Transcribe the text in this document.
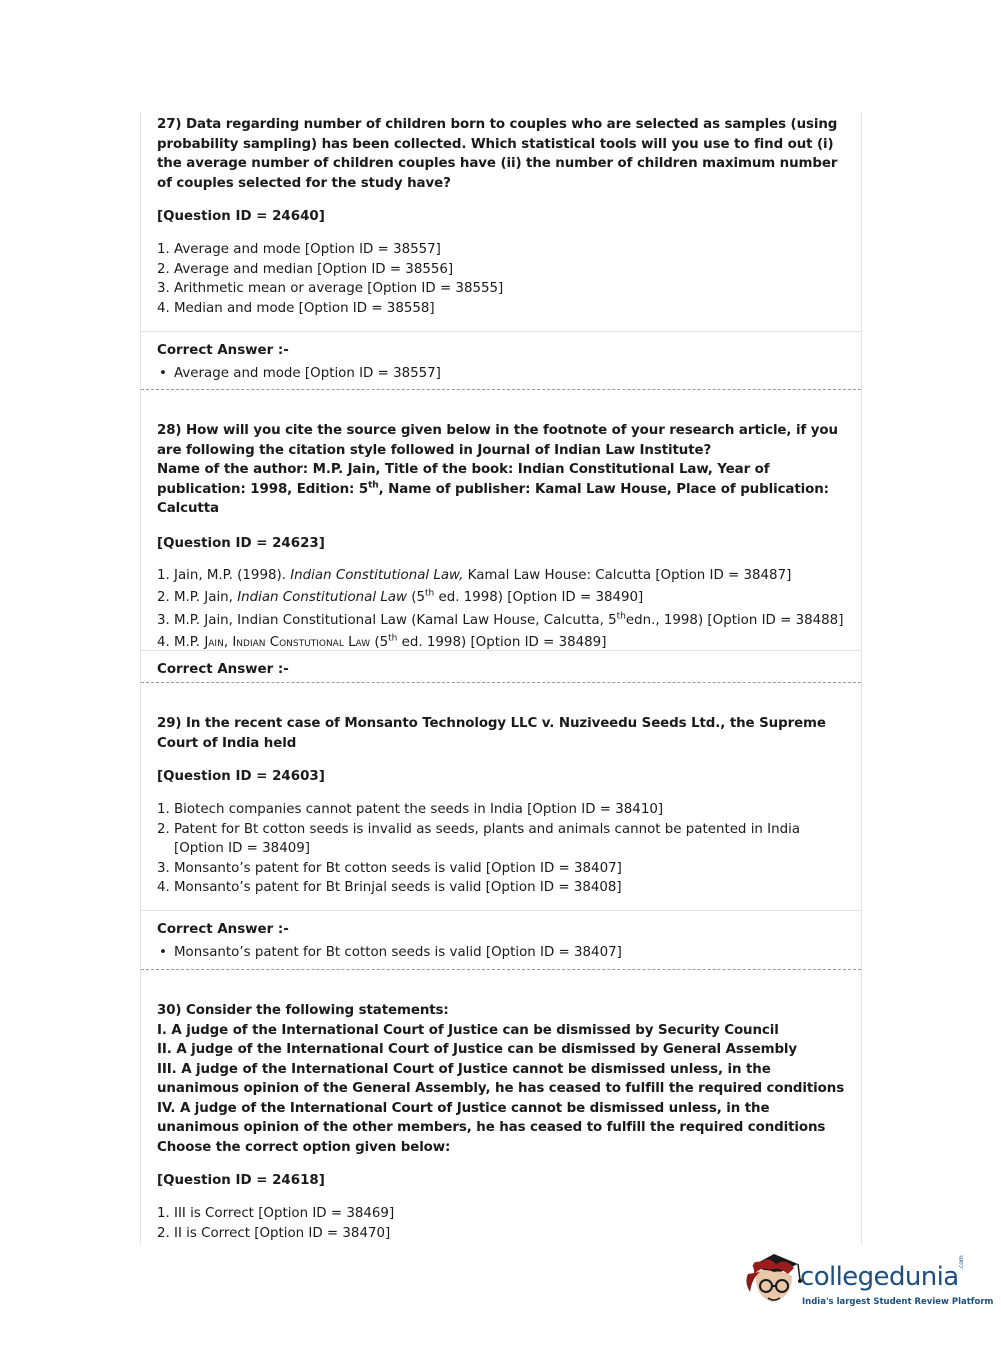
27) Data regarding number of children born to couples who are selected as samples (using probability sampling) has been collected. Which statistical tools will you use to find out (i) the average number of children couples have (ii) the number of children maximum number of couples selected for the study have?
[Question ID = 24640]
1. Average and mode [Option ID = 38557]
2. Average and median [Option ID = 38556]
3. Arithmetic mean or average [Option ID = 38555]
4. Median and mode [Option ID = 38558]
Correct Answer :-
• Average and mode [Option ID = 38557]
28) How will you cite the source given below in the footnote of your research article, if you are following the citation style followed in Journal of Indian Law Institute?
Name of the author: M.P. Jain, Title of the book: Indian Constitutional Law, Year of publication: 1998, Edition: 5th, Name of publisher: Kamal Law House, Place of publication: Calcutta
[Question ID = 24623]
1. Jain, M.P. (1998). Indian Constitutional Law, Kamal Law House: Calcutta [Option ID = 38487]
2. M.P. Jain, Indian Constitutional Law (5th ed. 1998) [Option ID = 38490]
3. M.P. Jain, Indian Constitutional Law (Kamal Law House, Calcutta, 5thedn., 1998) [Option ID = 38488]
4. M.P. Jain, Indian Constutional Law (5th ed. 1998) [Option ID = 38489]
Correct Answer :-
29) In the recent case of Monsanto Technology LLC v. Nuziveedu Seeds Ltd., the Supreme Court of India held
[Question ID = 24603]
1. Biotech companies cannot patent the seeds in India [Option ID = 38410]
2. Patent for Bt cotton seeds is invalid as seeds, plants and animals cannot be patented in India [Option ID = 38409]
3. Monsanto’s patent for Bt cotton seeds is valid [Option ID = 38407]
4. Monsanto’s patent for Bt Brinjal seeds is valid [Option ID = 38408]
Correct Answer :-
• Monsanto’s patent for Bt cotton seeds is valid [Option ID = 38407]
30) Consider the following statements:
I. A judge of the International Court of Justice can be dismissed by Security Council
II. A judge of the International Court of Justice can be dismissed by General Assembly
III. A judge of the International Court of Justice cannot be dismissed unless, in the unanimous opinion of the General Assembly, he has ceased to fulfill the required conditions
IV. A judge of the International Court of Justice cannot be dismissed unless, in the unanimous opinion of the other members, he has ceased to fulfill the required conditions
Choose the correct option given below:
[Question ID = 24618]
1. III is Correct [Option ID = 38469]
2. II is Correct [Option ID = 38470]
collegedunia .com
India's largest Student Review Platform
